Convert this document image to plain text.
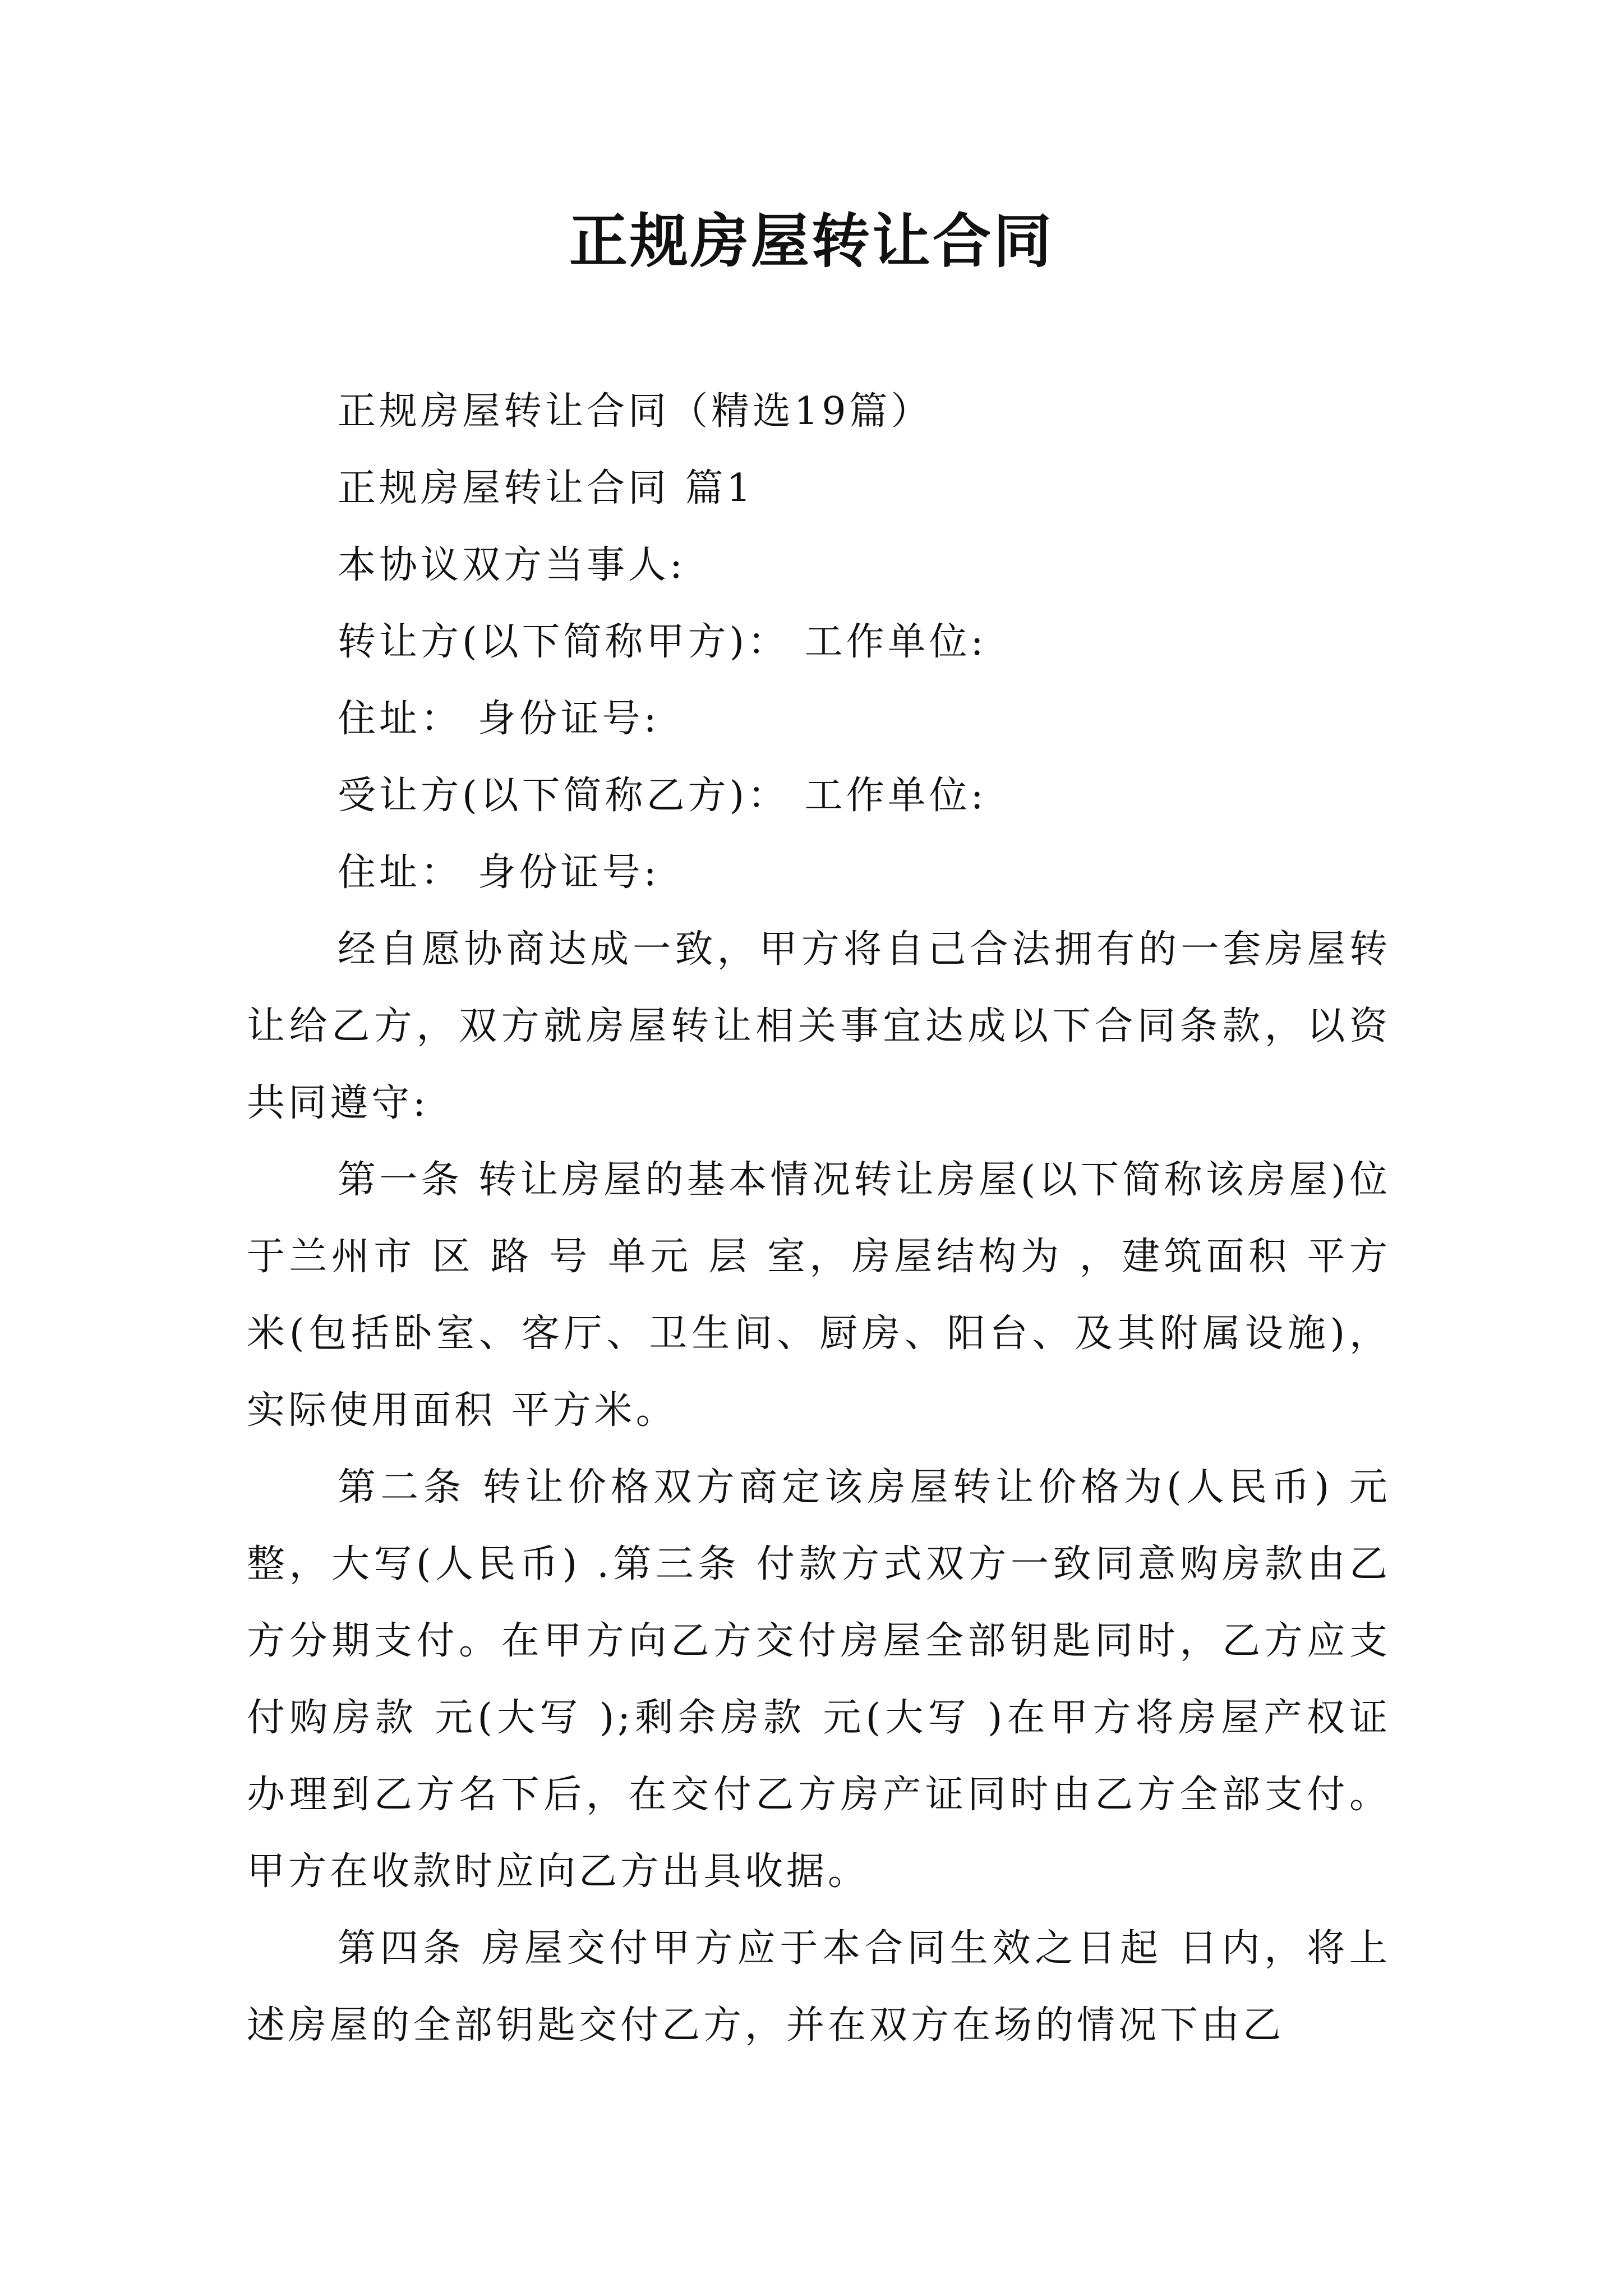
正规房屋转让合同

正规房屋转让合同（精选19篇）

正规房屋转让合同 篇1

本协议双方当事人:

转让方(以下简称甲方)： 工作单位:

住址： 身份证号:

受让方(以下简称乙方)： 工作单位:

住址： 身份证号:

经自愿协商达成一致，甲方将自己合法拥有的一套房屋转让给乙方，双方就房屋转让相关事宜达成以下合同条款，以资共同遵守:

第一条 转让房屋的基本情况转让房屋(以下简称该房屋)位于兰州市 区 路 号 单元 层 室，房屋结构为 ，建筑面积 平方米(包括卧室、客厅、卫生间、厨房、阳台、及其附属设施)，实际使用面积 平方米。

第二条 转让价格双方商定该房屋转让价格为(人民币) 元整，大写(人民币) .第三条 付款方式双方一致同意购房款由乙方分期支付。在甲方向乙方交付房屋全部钥匙同时，乙方应支付购房款 元(大写 );剩余房款 元(大写 )在甲方将房屋产权证办理到乙方名下后，在交付乙方房产证同时由乙方全部支付。甲方在收款时应向乙方出具收据。

第四条 房屋交付甲方应于本合同生效之日起 日内，将上述房屋的全部钥匙交付乙方，并在双方在场的情况下由乙
